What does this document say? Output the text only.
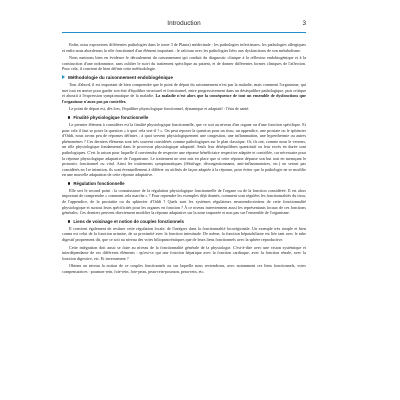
Introduction	3

Enfin, nous exposerons différentes pathologies dans le tome 3 de Planta) médecinale : les pathologies infectieuses, les pathologies allergiques et enfin nous aborderons la rôle fonctionnel d'un élément important : le calcium avec les pathologies liées aux dysfonctions de son métabolisme.

Nous mettrons bien en évidence le déroulement du raisonnement qui conduit du diagnostic clinique à la réflexion endobiogénique et à la construction d'une ordonnance, sans oublier le suivi du traitement spécifique au patient, et de donner différentes formes cliniques de l'affection. Pour cela, il convient de bien définir cette méthodologie.

Méthodologie du raisonnement endobiogénique

Tout d'abord, il est important de bien comprendre que le point de départ du raisonnement n'est pas la maladie, mais comment l'organisme, qui met tout en œuvre pour garder son état d'équilibre structurel et fonctionnel, entre progressivement dans un déséquilibre pathologique, puis critique et aboutit à l'expression symptomatique de la maladie. La maladie n'est alors que la conséquence de tout un ensemble de dysfonctions que l'organisme n'aura pas pu contrôler.

Le point de départ est, dès lors, l'équilibre physiologique fonctionnel, dynamique et adaptatif : l'état de santé.

Finalité physiologique fonctionnelle

Le premier élément à considérer est la finalité physiologique fonctionnelle, que ce soit au niveau d'un organe ou d'une fonction spécifique. Et pour cela il faut se poser la question « à quoi cela sert-il ? ». On peut reposer la question pour un tissu, un appendice, une prostate ou le sphincter d'Oddi, nous avons peu de réponses définies ; à quoi servent physiologiquement une congestion, une inflammation, une hyperthermie ou autres phénomènes ? Ces derniers éléments sont très souvent considérés comme pathologiques sur le plan classique. Or, ils ont, comme nous le verrons, un rôle physiologique fondamental dans le processus physiologique adaptatif. Seuls leur déséquilibres quantitatif ou leur excès en durée sont pathologiques. C'est la raison pour laquelle il conviendra de respecter une réponse bénéficiaire respective adaptée et contrôlée, car nécessaire pour la réponse physiologique adaptative de l'organisme. Le traitement ne sera mis en place que si cette réponse dépasse son but tout en menaçant le pronostic fonctionnel ou vital. Ainsi les traitements symptomatiques (fébrifuge, décongestionnants, anti-inflammatoires, etc.) ne seront pas considérés en 1re intention, ils sont éventuellement à différer ou utilisés de façon adaptée à la réponse, pour éviter que la pathologie ne se modifie en une nouvelle adaptation de cette réponse adaptative.

Régulation fonctionnelle

Elle sert le second point : la connaissance de la régulation physiologique fonctionnelle de l'organe ou de la fonction considérée. Il est alors important de comprendre « comment cela marche » ? Pour reprendre les exemples déjà donnés, comment sont régulées les fonctionnalités du tissu, de l'appendice, de la prostatite ou du sphincter d'Oddi ? Quels sont les systèmes régulateurs neuroendocriniens de cette fonctionnalité physiologique et surtout leurs spécificités pour les organes en fonction ? À ce niveau interviennent aussi les représentants locaux de ces fonctions générales. Ces derniers peuvent directement modifier la réponse adaptative sur la zone impactée et non pas sur l'ensemble de l'organisme.

Liens de voisinage et notion de couples fonctionnels

Il convient également de resituer cette régulation locale, de l'intégrer dans la fonctionnalité locorégionale. Un exemple très simple et bien connu est celui de la fonction urinaire, de sa proximité avec la fonction intestinale. De même, la fonction hépatobiliaire est liée tant avec le tube digestif proprement dit, que ce soit au niveau des voies biliopancréatiques que de leurs liens fonctionnels avec la sphère reproductive.

Cette intégration doit aussi se faire au niveau de la fonctionnalité générale de la physiologie. C'est-à-dire avec une vision systémique et interdépendante de ces différents éléments : qu'est-ce qui une fonction hépatique avec la fonction cardiaque, avec la fonction rénale, avec la fonction digestive, etc. Et inversement ?

Obtenu au niveau la notion de ce couples fonctionnels ou sur laquelle nous reviendrons, avec notamment ces liens fonctionnels, voies compensatrices : poumon-rein, foie-rein, foie-peau, peau-rein-poumon, peau-rein, etc.
